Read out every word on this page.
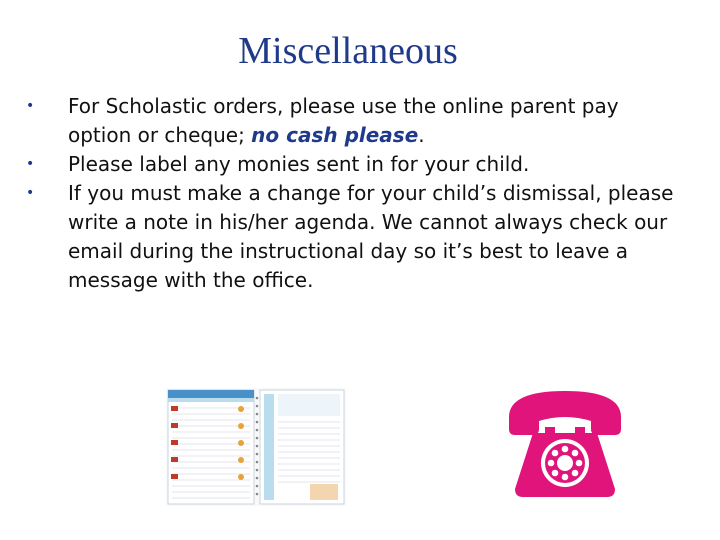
Miscellaneous
•	For Scholastic orders, please use the online parent pay option or cheque; no cash please.
•	Please label any monies sent in for your child.
•	If you must make a change for your child’s dismissal, please write a note in his/her agenda. We cannot always check our email during the instructional day so it’s best to leave a message with the office.
